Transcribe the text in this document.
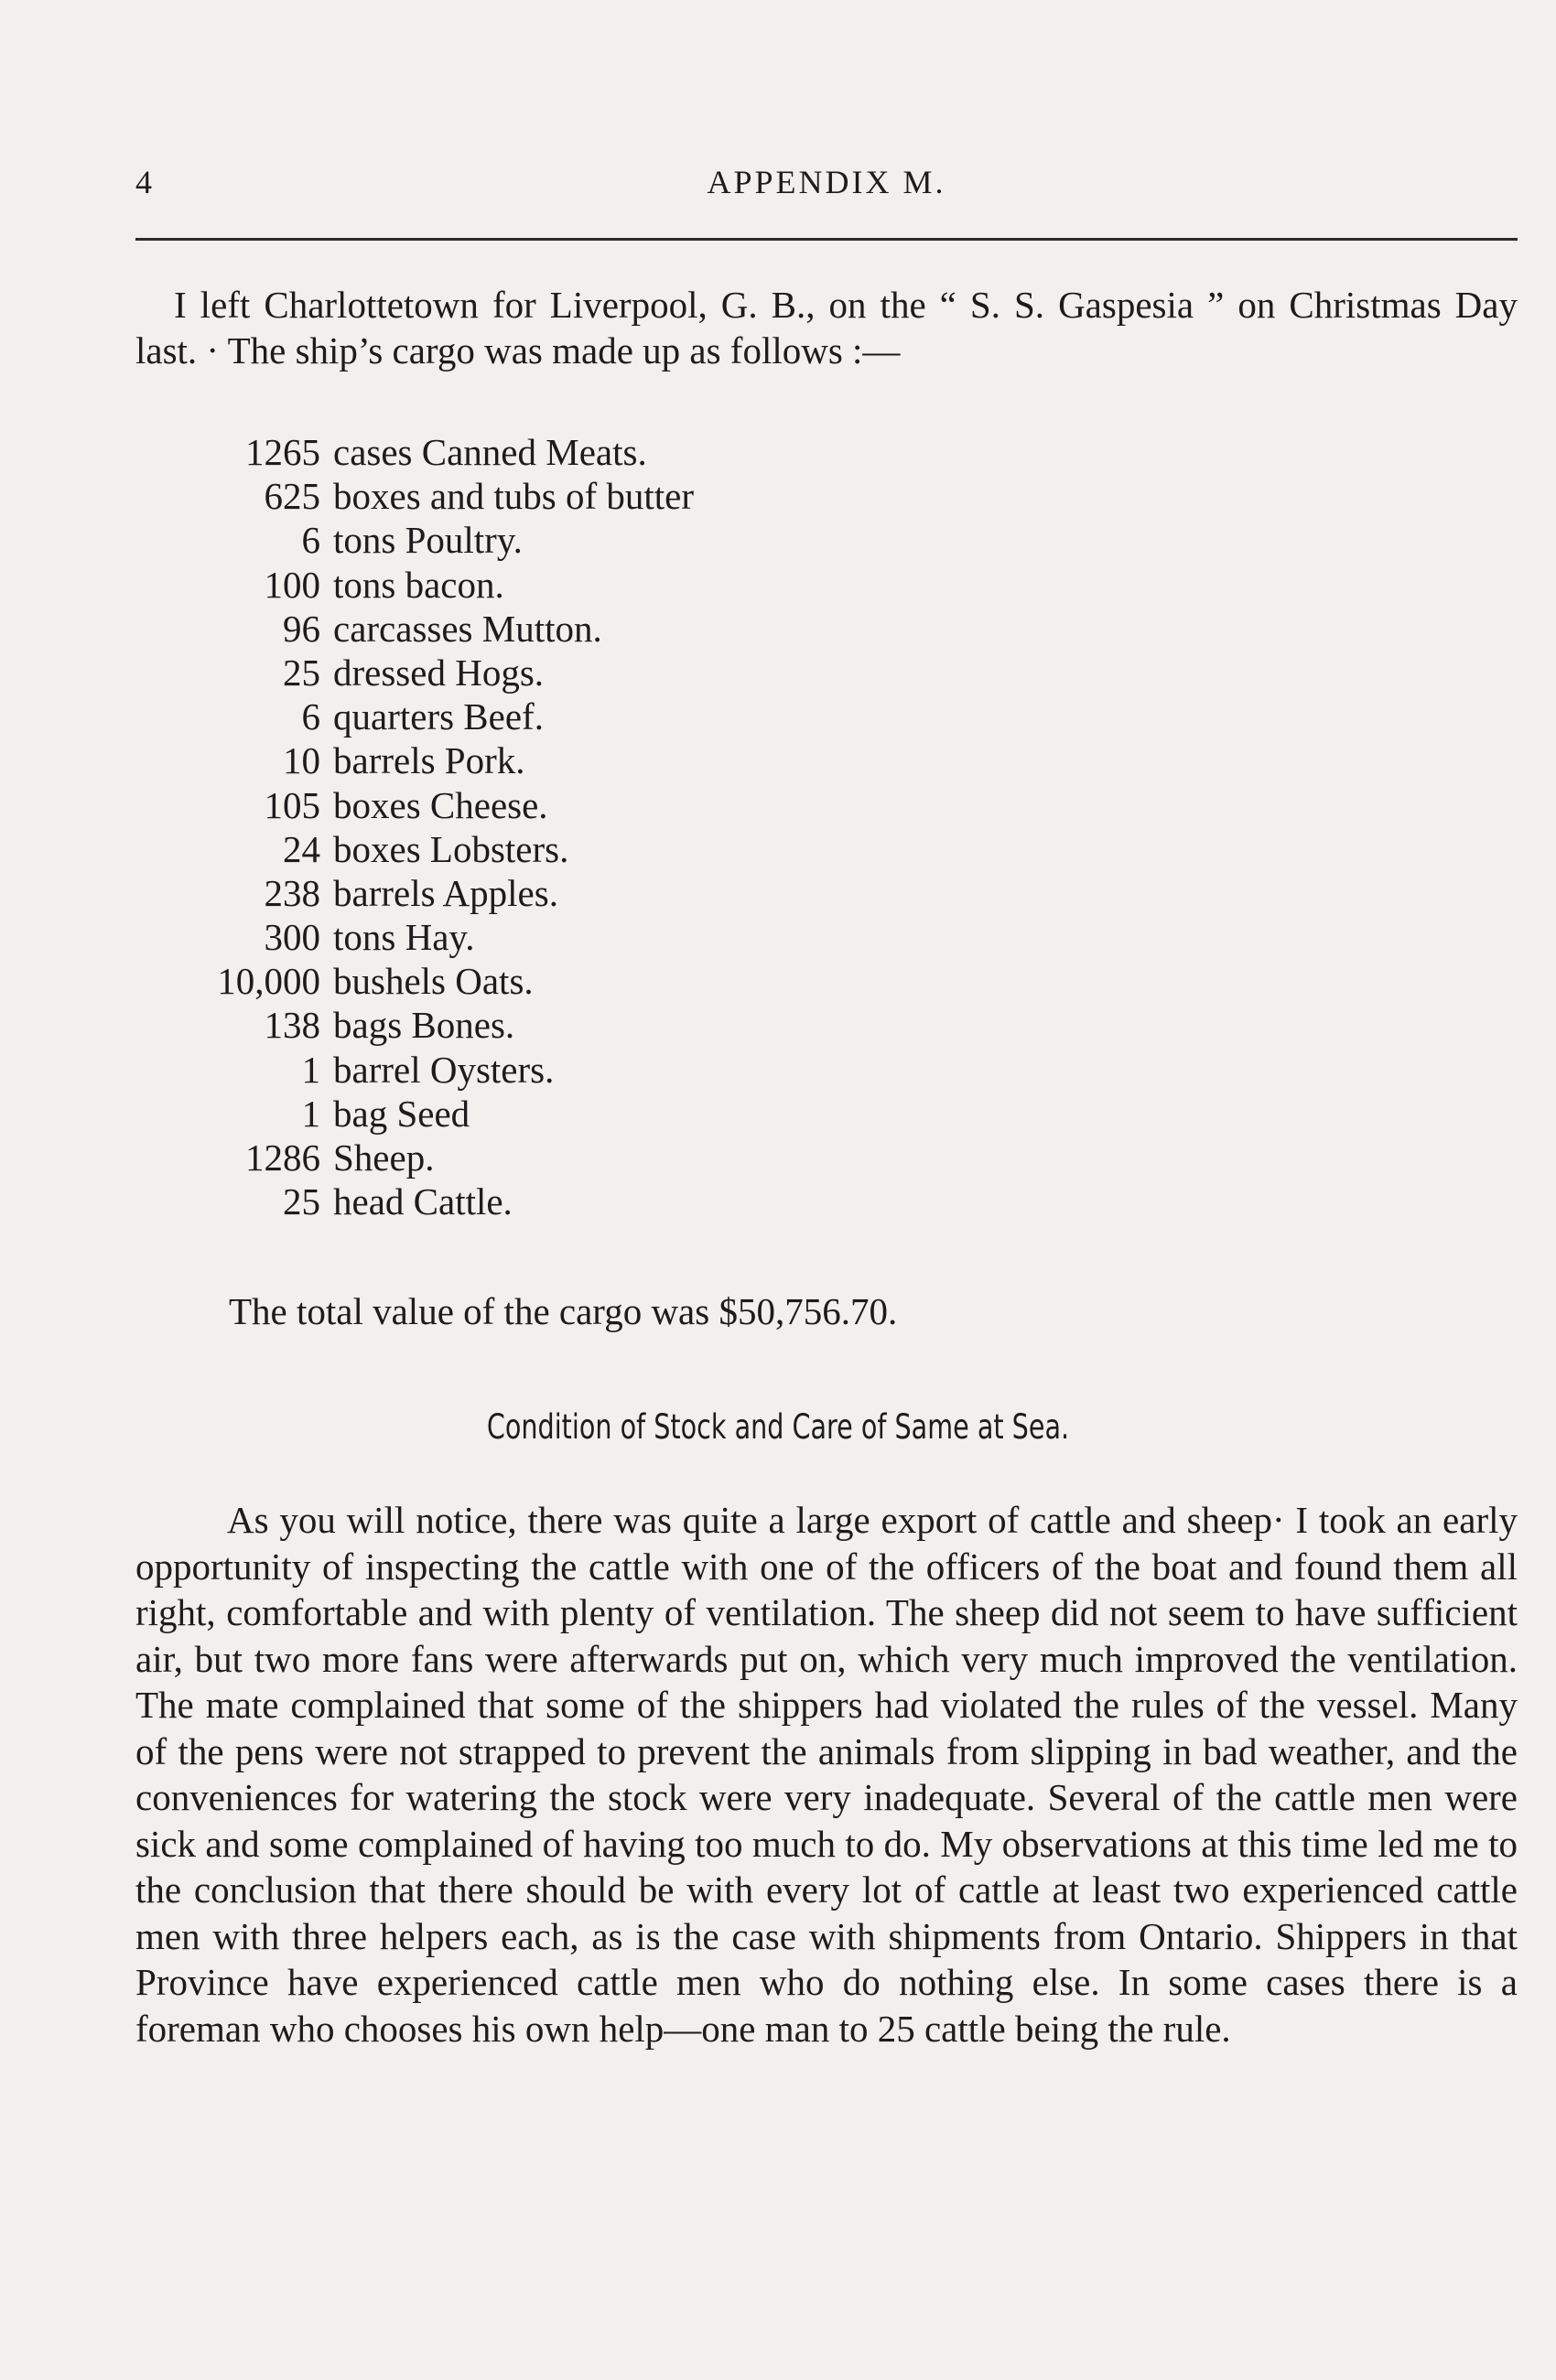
4	APPENDIX M.

I left Charlottetown for Liverpool, G. B., on the “ S. S. Gaspesia ” on Christmas Day last. · The ship’s cargo was made up as follows :—

1265 cases Canned Meats.
625 boxes and tubs of butter
6 tons Poultry.
100 tons bacon.
96 carcasses Mutton.
25 dressed Hogs.
6 quarters Beef.
10 barrels Pork.
105 boxes Cheese.
24 boxes Lobsters.
238 barrels Apples.
300 tons Hay.
10,000 bushels Oats.
138 bags Bones.
1 barrel Oysters.
1 bag Seed
1286 Sheep.
25 head Cattle.
The total value of the cargo was $50,756.70.
Condition of Stock and Care of Same at Sea.

As you will notice, there was quite a large export of cattle and sheep· I took an early opportunity of inspecting the cattle with one of the officers of the boat and found them all right, comfortable and with plenty of ventilation. The sheep did not seem to have sufficient air, but two more fans were afterwards put on, which very much improved the ventilation. The mate complained that some of the shippers had violated the rules of the vessel. Many of the pens were not strapped to prevent the animals from slipping in bad weather, and the conveniences for watering the stock were very inadequate. Several of the cattle men were sick and some complained of having too much to do. My observations at this time led me to the conclusion that there should be with every lot of cattle at least two experienced cattle men with three helpers each, as is the case with shipments from Ontario. Shippers in that Province have experienced cattle men who do nothing else. In some cases there is a foreman who chooses his own help—one man to 25 cattle being the rule.
